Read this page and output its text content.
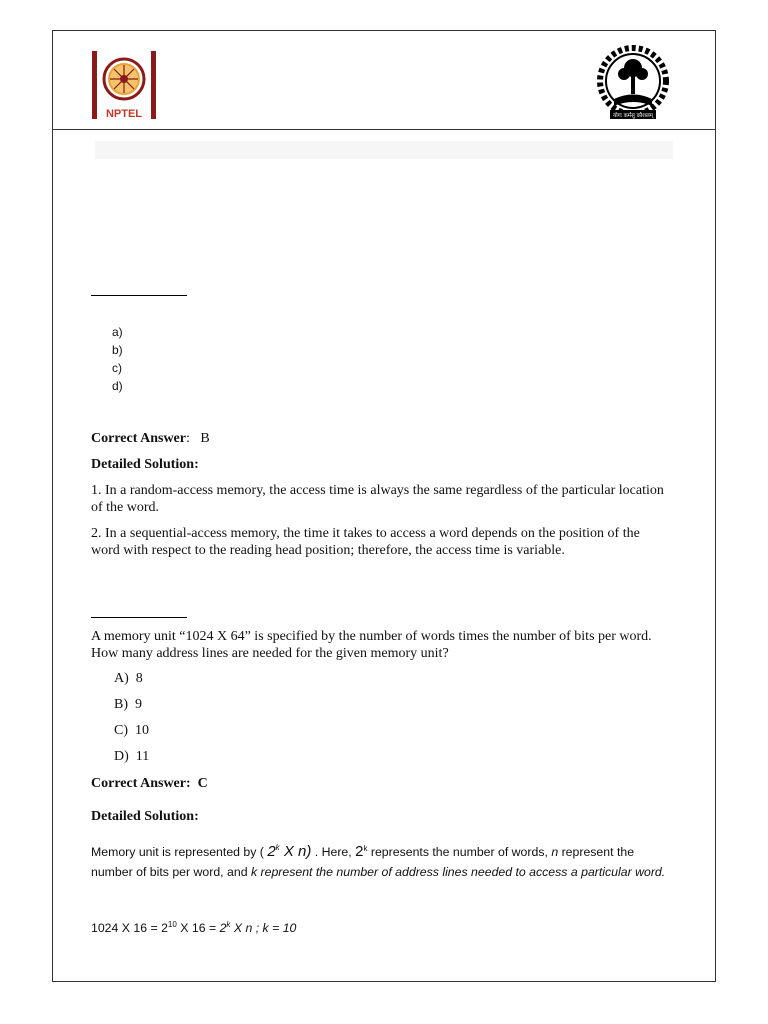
NPTEL	योगः कर्मसु कौशलम्
a)
b)
c)
d)
Correct Answer:   B
Detailed Solution:
1. In a random-access memory, the access time is always the same regardless of the particular location of the word.
2. In a sequential-access memory, the time it takes to access a word depends on the position of the word with respect to the reading head position; therefore, the access time is variable.
A memory unit “1024 X 64” is specified by the number of words times the number of bits per word. How many address lines are needed for the given memory unit?
A) 8
B) 9
C) 10
D) 11
Correct Answer: C
Detailed Solution:
Memory unit is represented by ( 2$^k$ X n) . Here, 2$^k$ represents the number of words, n represent the number of bits per word, and k represent the number of address lines needed to access a particular word.
1024 X $16 = 2^{10}$ X $16 = 2^k$ X n ; k = 10
